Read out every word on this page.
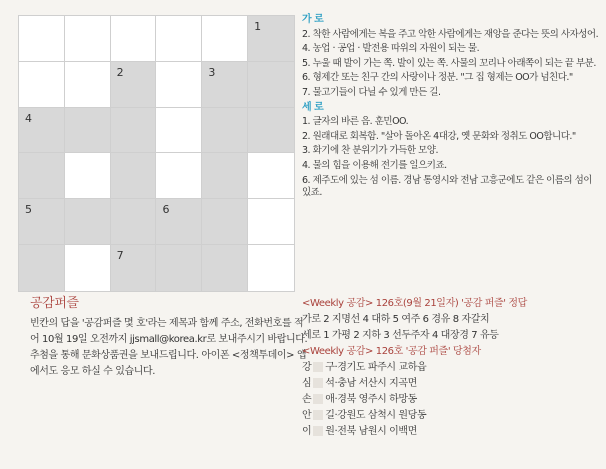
1
2	3
4
5	6
7
가 로
2. 착한 사람에게는 복을 주고 악한 사람에게는 재앙을 준다는 뜻의 사자성어.
4. 농업 · 공업 · 발전용 따위의 자원이 되는 물.
5. 누울 때 발이 가는 쪽. 발이 있는 쪽. 사물의 꼬리나 아래쪽이 되는 끝 부분.
6. 형제간 또는 친구 간의 사랑이나 정분. "그 집 형제는 OO가 넘친다."
7. 물고기들이 다닐 수 있게 만든 길.
세 로
1. 글자의 바른 음. 훈민OO.
2. 원래대로 회복함. "살아 돌아온 4대강, 옛 문화와 정취도 OO합니다."
3. 화기에 찬 분위기가 가득한 모양.
4. 물의 힘을 이용해 전기를 일으키죠.
6. 제주도에 있는 섬 이름. 경남 통영시와 전남 고흥군에도 같은 이름의 섬이 있죠.
공감퍼즐
빈칸의 답을 '공감퍼즐 몇 호'라는 제목과 함께 주소, 전화번호를 적어 10월 19일 오전까지 jjsmall@korea.kr로 보내주시기 바랍니다. 추첨을 통해 문화상품권을 보내드립니다. 아이폰 <정책투데이> 앱에서도 응모 하실 수 있습니다.
<Weekly 공감> 126호(9월 21일자) '공감 퍼즐' 정답
가로 2 지명선 4 대하 5 여주 6 경유 8 자갈치
세로 1 가평 2 지하 3 선두주자 4 대장경 7 유등
<Weekly 공감> 126호 '공감 퍼즐' 당첨자
강 구·경기도 파주시 교하읍
심 석·충남 서산시 지곡면
손 애·경북 영주시 하망동
안 길·강원도 삼척시 원당동
이 원·전북 남원시 이백면
